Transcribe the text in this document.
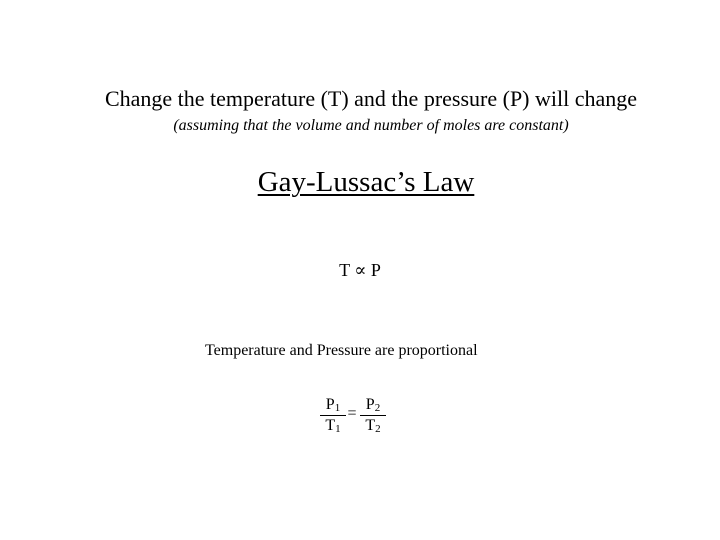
Change the temperature (T) and the pressure (P) will change
(assuming that the volume and number of moles are constant)
Gay-Lussac’s Law
T ∝ P
Temperature and Pressure are proportional
$P_1$
$T_1$
=
$P_2$
$T_2$
